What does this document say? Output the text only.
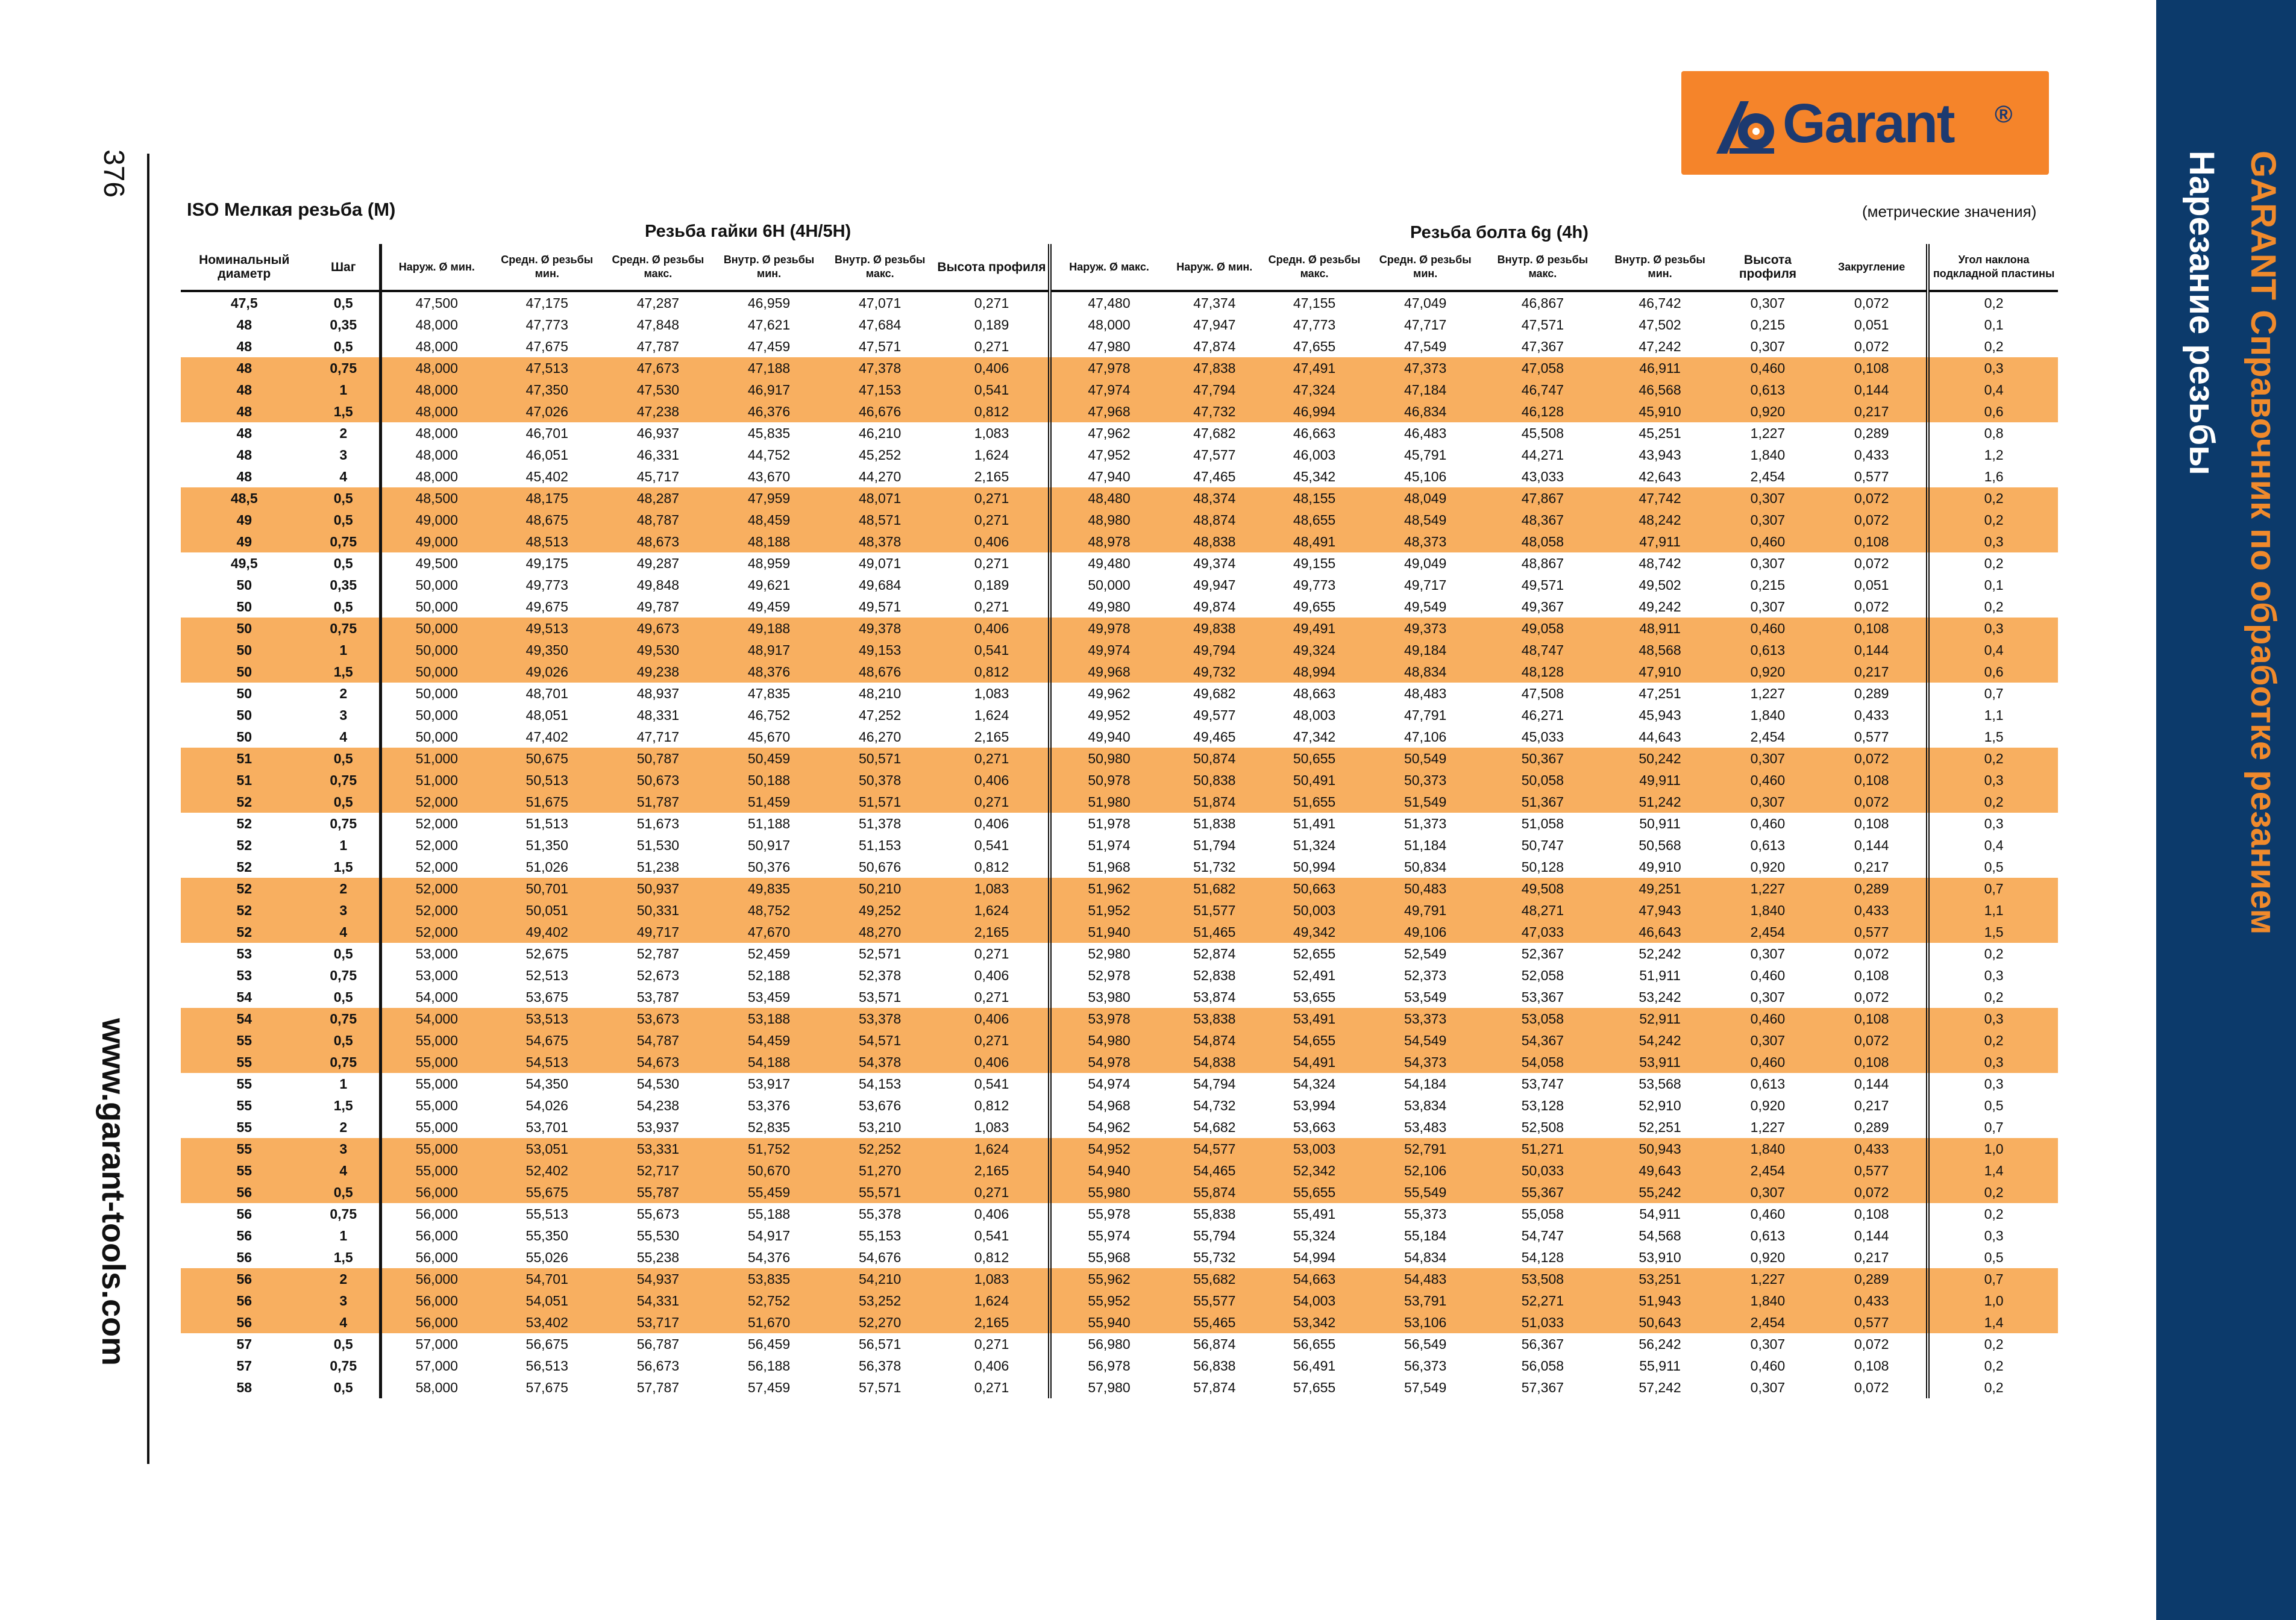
GARANT Справочник по обработке резанием
Нарезание резьбы
376
www.garant-tools.com
Garant ®
ISO Мелкая резьба (M)	(метрические значения)
Резьба гайки 6H (4H/5H)	Резьба болта 6g (4h)
Номинальный диаметр	Шаг	Наруж. Ø мин.	Средн. Ø резьбы мин.	Средн. Ø резьбы макс.	Внутр. Ø резьбы мин.	Внутр. Ø резьбы макс.	Высота профиля	Наруж. Ø макс.	Наруж. Ø мин.	Средн. Ø резьбы макс.	Средн. Ø резьбы мин.	Внутр. Ø резьбы макс.	Внутр. Ø резьбы мин.	Высота профиля	Закругление	Угол наклона подкладной пластины
47,5	0,5	47,500	47,175	47,287	46,959	47,071	0,271	47,480	47,374	47,155	47,049	46,867	46,742	0,307	0,072	0,2
48	0,35	48,000	47,773	47,848	47,621	47,684	0,189	48,000	47,947	47,773	47,717	47,571	47,502	0,215	0,051	0,1
48	0,5	48,000	47,675	47,787	47,459	47,571	0,271	47,980	47,874	47,655	47,549	47,367	47,242	0,307	0,072	0,2
48	0,75	48,000	47,513	47,673	47,188	47,378	0,406	47,978	47,838	47,491	47,373	47,058	46,911	0,460	0,108	0,3
48	1	48,000	47,350	47,530	46,917	47,153	0,541	47,974	47,794	47,324	47,184	46,747	46,568	0,613	0,144	0,4
48	1,5	48,000	47,026	47,238	46,376	46,676	0,812	47,968	47,732	46,994	46,834	46,128	45,910	0,920	0,217	0,6
48	2	48,000	46,701	46,937	45,835	46,210	1,083	47,962	47,682	46,663	46,483	45,508	45,251	1,227	0,289	0,8
48	3	48,000	46,051	46,331	44,752	45,252	1,624	47,952	47,577	46,003	45,791	44,271	43,943	1,840	0,433	1,2
48	4	48,000	45,402	45,717	43,670	44,270	2,165	47,940	47,465	45,342	45,106	43,033	42,643	2,454	0,577	1,6
48,5	0,5	48,500	48,175	48,287	47,959	48,071	0,271	48,480	48,374	48,155	48,049	47,867	47,742	0,307	0,072	0,2
49	0,5	49,000	48,675	48,787	48,459	48,571	0,271	48,980	48,874	48,655	48,549	48,367	48,242	0,307	0,072	0,2
49	0,75	49,000	48,513	48,673	48,188	48,378	0,406	48,978	48,838	48,491	48,373	48,058	47,911	0,460	0,108	0,3
49,5	0,5	49,500	49,175	49,287	48,959	49,071	0,271	49,480	49,374	49,155	49,049	48,867	48,742	0,307	0,072	0,2
50	0,35	50,000	49,773	49,848	49,621	49,684	0,189	50,000	49,947	49,773	49,717	49,571	49,502	0,215	0,051	0,1
50	0,5	50,000	49,675	49,787	49,459	49,571	0,271	49,980	49,874	49,655	49,549	49,367	49,242	0,307	0,072	0,2
50	0,75	50,000	49,513	49,673	49,188	49,378	0,406	49,978	49,838	49,491	49,373	49,058	48,911	0,460	0,108	0,3
50	1	50,000	49,350	49,530	48,917	49,153	0,541	49,974	49,794	49,324	49,184	48,747	48,568	0,613	0,144	0,4
50	1,5	50,000	49,026	49,238	48,376	48,676	0,812	49,968	49,732	48,994	48,834	48,128	47,910	0,920	0,217	0,6
50	2	50,000	48,701	48,937	47,835	48,210	1,083	49,962	49,682	48,663	48,483	47,508	47,251	1,227	0,289	0,7
50	3	50,000	48,051	48,331	46,752	47,252	1,624	49,952	49,577	48,003	47,791	46,271	45,943	1,840	0,433	1,1
50	4	50,000	47,402	47,717	45,670	46,270	2,165	49,940	49,465	47,342	47,106	45,033	44,643	2,454	0,577	1,5
51	0,5	51,000	50,675	50,787	50,459	50,571	0,271	50,980	50,874	50,655	50,549	50,367	50,242	0,307	0,072	0,2
51	0,75	51,000	50,513	50,673	50,188	50,378	0,406	50,978	50,838	50,491	50,373	50,058	49,911	0,460	0,108	0,3
52	0,5	52,000	51,675	51,787	51,459	51,571	0,271	51,980	51,874	51,655	51,549	51,367	51,242	0,307	0,072	0,2
52	0,75	52,000	51,513	51,673	51,188	51,378	0,406	51,978	51,838	51,491	51,373	51,058	50,911	0,460	0,108	0,3
52	1	52,000	51,350	51,530	50,917	51,153	0,541	51,974	51,794	51,324	51,184	50,747	50,568	0,613	0,144	0,4
52	1,5	52,000	51,026	51,238	50,376	50,676	0,812	51,968	51,732	50,994	50,834	50,128	49,910	0,920	0,217	0,5
52	2	52,000	50,701	50,937	49,835	50,210	1,083	51,962	51,682	50,663	50,483	49,508	49,251	1,227	0,289	0,7
52	3	52,000	50,051	50,331	48,752	49,252	1,624	51,952	51,577	50,003	49,791	48,271	47,943	1,840	0,433	1,1
52	4	52,000	49,402	49,717	47,670	48,270	2,165	51,940	51,465	49,342	49,106	47,033	46,643	2,454	0,577	1,5
53	0,5	53,000	52,675	52,787	52,459	52,571	0,271	52,980	52,874	52,655	52,549	52,367	52,242	0,307	0,072	0,2
53	0,75	53,000	52,513	52,673	52,188	52,378	0,406	52,978	52,838	52,491	52,373	52,058	51,911	0,460	0,108	0,3
54	0,5	54,000	53,675	53,787	53,459	53,571	0,271	53,980	53,874	53,655	53,549	53,367	53,242	0,307	0,072	0,2
54	0,75	54,000	53,513	53,673	53,188	53,378	0,406	53,978	53,838	53,491	53,373	53,058	52,911	0,460	0,108	0,3
55	0,5	55,000	54,675	54,787	54,459	54,571	0,271	54,980	54,874	54,655	54,549	54,367	54,242	0,307	0,072	0,2
55	0,75	55,000	54,513	54,673	54,188	54,378	0,406	54,978	54,838	54,491	54,373	54,058	53,911	0,460	0,108	0,3
55	1	55,000	54,350	54,530	53,917	54,153	0,541	54,974	54,794	54,324	54,184	53,747	53,568	0,613	0,144	0,3
55	1,5	55,000	54,026	54,238	53,376	53,676	0,812	54,968	54,732	53,994	53,834	53,128	52,910	0,920	0,217	0,5
55	2	55,000	53,701	53,937	52,835	53,210	1,083	54,962	54,682	53,663	53,483	52,508	52,251	1,227	0,289	0,7
55	3	55,000	53,051	53,331	51,752	52,252	1,624	54,952	54,577	53,003	52,791	51,271	50,943	1,840	0,433	1,0
55	4	55,000	52,402	52,717	50,670	51,270	2,165	54,940	54,465	52,342	52,106	50,033	49,643	2,454	0,577	1,4
56	0,5	56,000	55,675	55,787	55,459	55,571	0,271	55,980	55,874	55,655	55,549	55,367	55,242	0,307	0,072	0,2
56	0,75	56,000	55,513	55,673	55,188	55,378	0,406	55,978	55,838	55,491	55,373	55,058	54,911	0,460	0,108	0,2
56	1	56,000	55,350	55,530	54,917	55,153	0,541	55,974	55,794	55,324	55,184	54,747	54,568	0,613	0,144	0,3
56	1,5	56,000	55,026	55,238	54,376	54,676	0,812	55,968	55,732	54,994	54,834	54,128	53,910	0,920	0,217	0,5
56	2	56,000	54,701	54,937	53,835	54,210	1,083	55,962	55,682	54,663	54,483	53,508	53,251	1,227	0,289	0,7
56	3	56,000	54,051	54,331	52,752	53,252	1,624	55,952	55,577	54,003	53,791	52,271	51,943	1,840	0,433	1,0
56	4	56,000	53,402	53,717	51,670	52,270	2,165	55,940	55,465	53,342	53,106	51,033	50,643	2,454	0,577	1,4
57	0,5	57,000	56,675	56,787	56,459	56,571	0,271	56,980	56,874	56,655	56,549	56,367	56,242	0,307	0,072	0,2
57	0,75	57,000	56,513	56,673	56,188	56,378	0,406	56,978	56,838	56,491	56,373	56,058	55,911	0,460	0,108	0,2
58	0,5	58,000	57,675	57,787	57,459	57,571	0,271	57,980	57,874	57,655	57,549	57,367	57,242	0,307	0,072	0,2
